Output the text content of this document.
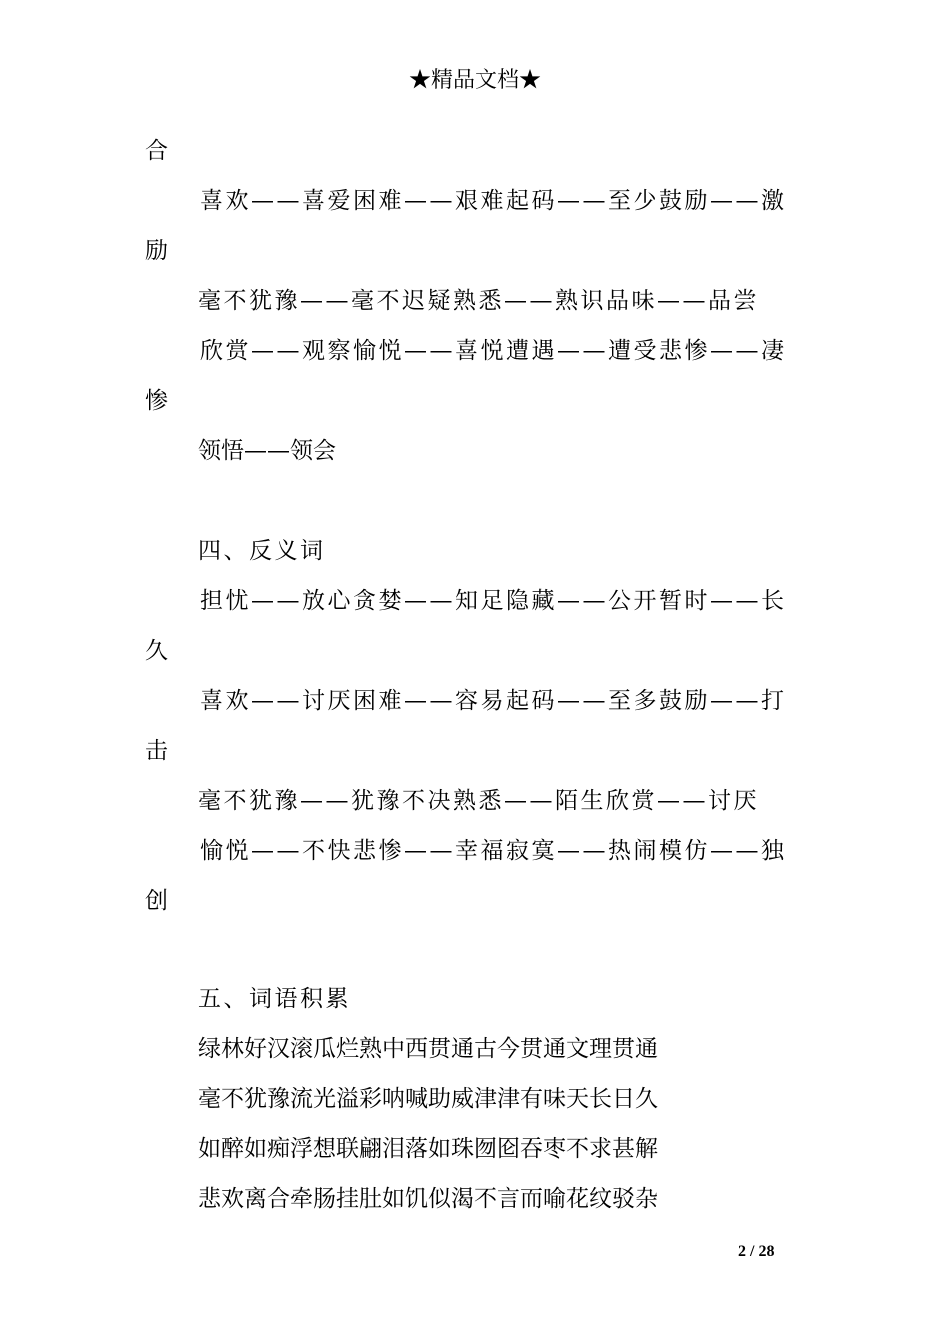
★精品文档★
合
喜欢——喜爱困难——艰难起码——至少鼓励——激
励
毫不犹豫——毫不迟疑熟悉——熟识品味——品尝
欣赏——观察愉悦——喜悦遭遇——遭受悲惨——凄
惨
领悟——领会
四、反义词
担忧——放心贪婪——知足隐藏——公开暂时——长
久
喜欢——讨厌困难——容易起码——至多鼓励——打
击
毫不犹豫——犹豫不决熟悉——陌生欣赏——讨厌
愉悦——不快悲惨——幸福寂寞——热闹模仿——独
创
五、词语积累
绿林好汉滚瓜烂熟中西贯通古今贯通文理贯通
毫不犹豫流光溢彩呐喊助威津津有味天长日久
如醉如痴浮想联翩泪落如珠囫囵吞枣不求甚解
悲欢离合牵肠挂肚如饥似渴不言而喻花纹驳杂
2 / 28
